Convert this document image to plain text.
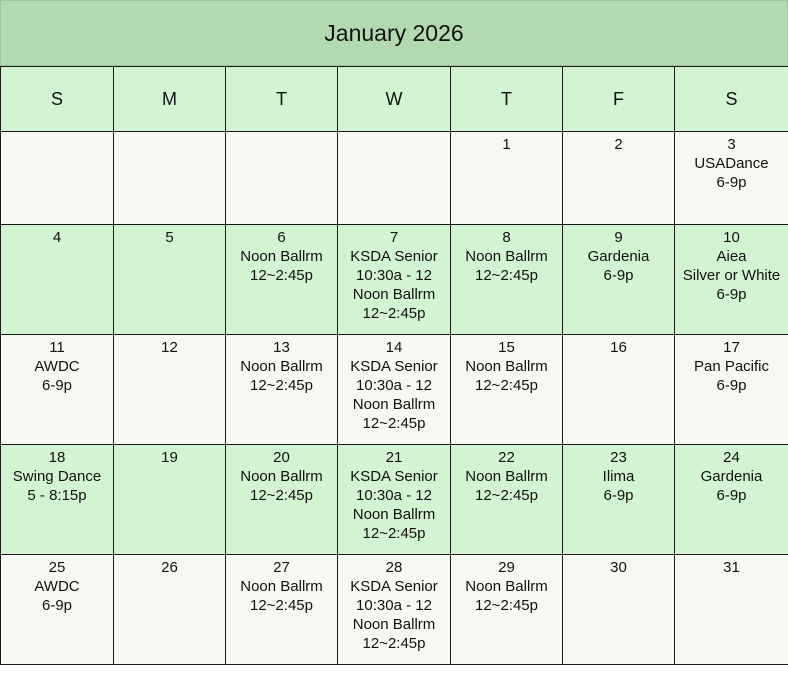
January 2026
S	M	T	W	T	F	S

				1	2	3
USADance
6-9p

4	5	6
Noon Ballrm
12~2:45p	7
KSDA Senior
10:30a - 12
Noon Ballrm
12~2:45p	8
Noon Ballrm
12~2:45p	9
Gardenia
6-9p	10
Aiea
Silver or White
6-9p

11
AWDC
6-9p	12	13
Noon Ballrm
12~2:45p	14
KSDA Senior
10:30a - 12
Noon Ballrm
12~2:45p	15
Noon Ballrm
12~2:45p	16	17
Pan Pacific
6-9p

18
Swing Dance
5 - 8:15p	19	20
Noon Ballrm
12~2:45p	21
KSDA Senior
10:30a - 12
Noon Ballrm
12~2:45p	22
Noon Ballrm
12~2:45p	23
Ilima
6-9p	24
Gardenia
6-9p

25
AWDC
6-9p	26	27
Noon Ballrm
12~2:45p	28
KSDA Senior
10:30a - 12
Noon Ballrm
12~2:45p	29
Noon Ballrm
12~2:45p	30	31
